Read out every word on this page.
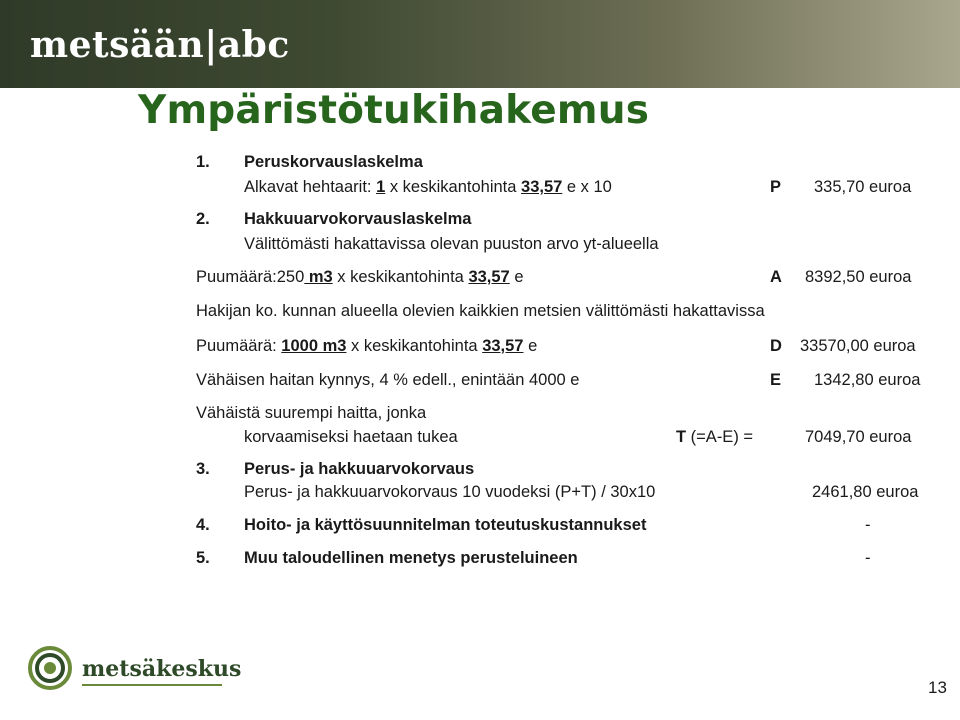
metsään|abc
Ympäristötukihakemus
1. Peruskorvauslaskelma
Alkavat hehtaarit: 1 x keskikantohinta 33,57 e x 10	P 335,70 euroa
2. Hakkuuarvokorvauslaskelma
Välittömästi hakattavissa olevan puuston arvo yt-alueella
Puumäärä:250 m3 x keskikantohinta 33,57 e	A 8392,50 euroa
Hakijan ko. kunnan alueella olevien kaikkien metsien välittömästi hakattavissa
Puumäärä: 1000 m3 x keskikantohinta 33,57 e	D 33570,00 euroa
Vähäisen haitan kynnys, 4 % edell., enintään 4000 e	E 1342,80 euroa
Vähäistä suurempi haitta, jonka
korvaamiseksi haetaan tukea	T (=A-E) =	7049,70 euroa
3. Perus- ja hakkuuarvokorvaus
Perus- ja hakkuuarvokorvaus 10 vuodeksi (P+T) / 30x10	2461,80 euroa
4. Hoito- ja käyttösuunnitelman toteutuskustannukset	-
5. Muu taloudellinen menetys perusteluineen	-
metsäkeskus
13
